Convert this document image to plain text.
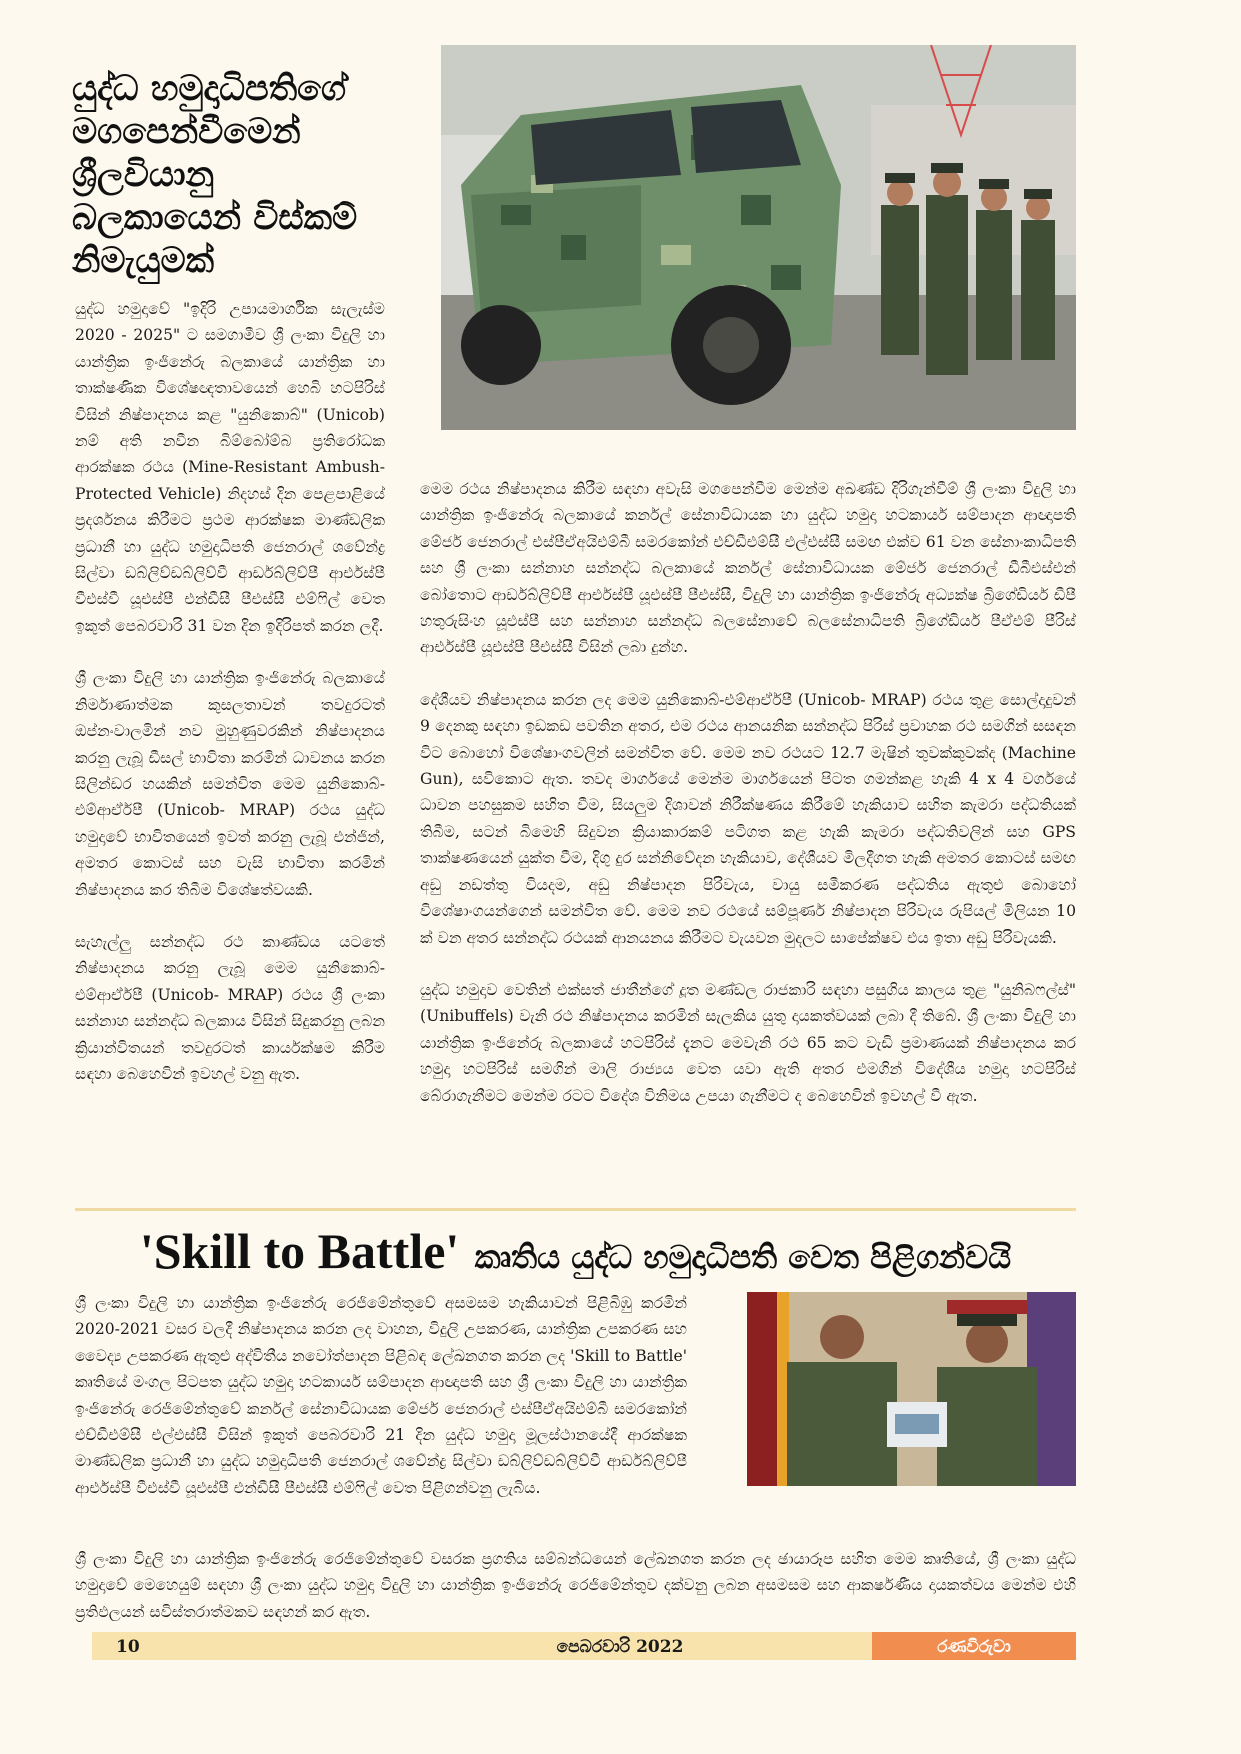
යුද්ධ හමුදාධිපතිගේ මගපෙන්වීමෙන් ශ්‍රීලවියානු බලකායෙන් විස්කම් නිමැයුමක්

යුද්ධ හමුදාවේ "ඉදිරි උපායමාර්ගික සැලැස්ම 2020 - 2025" ට සමගාමීව ශ්‍රී ලංකා විදුලි හා යාන්ත්‍රික ඉංජිනේරු බලකායේ යාන්ත්‍රික හා තාක්ෂණික විශේෂඥතාවයෙන් හෙබි හටපිරිස් විසින් නිෂ්පාදනය කළ "යුනිකොබ්" (Unicob) නම් අති නවීන බිම්බෝම්බ ප්‍රතිරෝධක ආරක්ෂක රථය (Mine-Resistant Ambush-Protected Vehicle) නිදහස් දින පෙළපාළියේ ප්‍රදර්ශනය කිරීමට ප්‍රථම ආරක්ෂක මාණ්ඩලික ප්‍රධානී හා යුද්ධ හමුදාධිපති ජෙනරාල් ශවේන්ද්‍ර සිල්වා ඩබ්ලිව්ඩබ්ලිව්වී ආර්ඩබ්ලිව්පී ආර්එස්පී වීඑස්වී යූඑස්පී එන්ඩීසී පීඑස්සී එම්ෆිල් වෙත ඉකුත් පෙබරවාරි 31 වන දින ඉදිරිපත් කරන ලදී.

ශ්‍රී ලංකා විදුලි හා යාන්ත්‍රික ඉංජිනේරු බලකායේ නිර්මාණාත්මක කුසලතාවන් තවදුරටත් ඔප්නංවාලමින් නව මුහුණුවරකින් නිෂ්පාදනය කරනු ලැබූ ඩීසල් භාවිතා කරමින් ධාවනය කරන සිලින්ඩර හයකින් සමන්විත මෙම යුනිකොබ්-එම්ආර්ඒපී (Unicob- MRAP) රථය යුද්ධ හමුදාවේ භාවිතයෙන් ඉවත් කරනු ලැබූ එන්ජින්, අමතර කොටස් සහ වැසි භාවිතා කරමින් නිෂ්පාදනය කර තිබීම විශේෂත්වයකි.

සැහැල්ලු සන්නද්ධ රථ කාණ්ඩය යටතේ නිෂ්පාදනය කරනු ලැබූ මෙම යුනිකොබ්-එම්ආර්ඒපී (Unicob- MRAP) රථය ශ්‍රී ලංකා සන්නාහ සන්නද්ධ බලකාය විසින් සිදුකරනු ලබන ක්‍රියාන්විතයන් තවදුරටත් කාර්යක්ෂම කිරීම සඳහා බෙහෙවින් ඉවහල් වනු ඇත.

මෙම රථය නිෂ්පාදනය කිරීම සඳහා අවැසි මගපෙන්වීම මෙන්ම අඛණ්ඩ දිරිගැන්වීම් ශ්‍රී ලංකා විදුලි හා යාන්ත්‍රික ඉංජිනේරු බලකායේ කර්නල් සේනාවිධායක හා යුද්ධ හමුදා හටකාර්ය සම්පාදන ආඥාපති මේජර් ජෙනරාල් එස්පීඒඅයිඑම්බී සමරකෝන් එච්ඩීඑම්සී එල්එස්සී සමඟ එක්ව 61 වන සේනාංකාධිපති සහ ශ්‍රී ලංකා සන්නාහ සන්නද්ධ බලකායේ කර්නල් සේනාවිධායක මේජර් ජෙනරාල් ඩීබීඑස්එන් බෝතොට ආර්ඩබ්ලිව්පී ආර්එස්පී යූඑස්පී පීඑස්සී, විදුලි හා යාන්ත්‍රික ඉංජිනේරු අධ්‍යක්ෂ බ්‍රිගේඩියර් ඩීපී හතුරුසිංහ යූඑස්පී සහ සන්නාහ සන්නද්ධ බලසේනාවේ බලසේනාධිපති බ්‍රිගේඩියර් පීඒඑම් පීරිස් ආර්එස්පී යූඑස්පී පීඑස්සී විසින් ලබා දුන්හ.

දේශීයව නිෂ්පාදනය කරන ලද මෙම යුනිකොබ්-එම්ආර්ඒපී (Unicob- MRAP) රථය තුළ සොල්දාදුවන් 9 දෙනකු සඳහා ඉඩකඩ පවතින අතර, එම රථය ආනයනික සන්නද්ධ පිරිස් ප්‍රවාහක රථ සමගින් සසඳන විට බොහෝ විශේෂාංගවලින් සමන්විත වේ. මෙම නව රථයට 12.7 මැෂින් තුවක්කුවක්ද (Machine Gun), සවිකොට ඇත. තවද මාර්ගයේ මෙන්ම මාර්ගයෙන් පිටත ගමන්කළ හැකි 4 x 4 වර්ගයේ ධාවන පහසුකම සහිත වීම, සියලුම දිශාවන් නිරීක්ෂණය කිරීමේ හැකියාව සහිත කැමරා පද්ධතියක් තිබීම, සටන් බිමෙහි සිදුවන ක්‍රියාකාරකම් පටිගත කළ හැකි කැමරා පද්ධතිවලින් සහ GPS තාක්ෂණයෙන් යුක්ත වීම, දිගු දුර සන්නිවේදන හැකියාව, දේශීයව මිලදීගත හැකි අමතර කොටස් සමඟ අඩු නඩත්තු වියදම, අඩු නිෂ්පාදන පිරිවැය, වායු සමීකරණ පද්ධතිය ඇතුළු බොහෝ විශේෂාංගයන්ගෙන් සමන්විත වේ. මෙම නව රථයේ සම්පූර්ණ නිෂ්පාදන පිරිවැය රුපියල් මිලියන 10 ක් වන අතර සන්නද්ධ රථයක් ආනයනය කිරීමට වැයවන මුදලට සාපේක්ෂව එය ඉතා අඩු පිරිවැයකි.

යුද්ධ හමුදාව වෙතින් එක්සත් ජාතීන්ගේ දූත මණ්ඩල රාජකාරි සඳහා පසුගිය කාලය තුළ "යුනිබෆල්ස්" (Unibuffels) වැනි රථ නිෂ්පාදනය කරමින් සැලකිය යුතු දායකත්වයක් ලබා දී තිබේ. ශ්‍රී ලංකා විදුලි හා යාන්ත්‍රික ඉංජිනේරු බලකායේ හටපිරිස් දැනට මෙවැනි රථ 65 කට වැඩි ප්‍රමාණයක් නිෂ්පාදනය කර හමුදා හටපිරිස් සමගින් මාලි රාජ්‍යය වෙත යවා ඇති අතර එමගින් විදේශීය හමුදා හටපිරිස් බේරාගැනීමට මෙන්ම රටට විදේශ විනිමය උපයා ගැනීමට ද බෙහෙවින් ඉවහල් වී ඇත.

'Skill to Battle' කෘතිය යුද්ධ හමුදාධිපති වෙත පිළිගන්වයි

ශ්‍රී ලංකා විදුලි හා යාන්ත්‍රික ඉංජිනේරු රෙජිමේන්තුවේ අසමසම හැකියාවන් පිළිබිඹු කරමින් 2020-2021 වසර වලදී නිෂ්පාදනය කරන ලද වාහන, විදුලි උපකරණ, යාන්ත්‍රික උපකරණ සහ වෛද්‍ය උපකරණ ඇතුළු අද්විතීය නවෝත්පාදන පිළිබඳ ලේඛනගත කරන ලද 'Skill to Battle' කෘතියේ මංගල පිටපත යුද්ධ හමුදා හටකාර්ය සම්පාදන ආඥාපති සහ ශ්‍රී ලංකා විදුලි හා යාන්ත්‍රික ඉංජිනේරු රෙජිමේන්තුවේ කර්නල් සේනාවිධායක මේජර් ජෙනරාල් එස්පීඒඅයිඑම්බී සමරකෝන් එච්ඩීඑම්සී එල්එස්සී විසින් ඉකුත් පෙබරවාරි 21 දින යුද්ධ හමුදා මූලස්ථානයේදී ආරක්ෂක මාණ්ඩලික ප්‍රධානී හා යුද්ධ හමුදාධිපති ජෙනරාල් ශවේන්ද්‍ර සිල්වා ඩබ්ලිව්ඩබ්ලිව්වී ආර්ඩබ්ලිව්පී ආර්එස්පී වීඑස්වී යූඑස්පී එන්ඩීසී පීඑස්සී එම්ෆිල් වෙත පිළිගන්වනු ලැබිය.

ශ්‍රී ලංකා විදුලි හා යාන්ත්‍රික ඉංජිනේරු රෙජිමේන්තුවේ වසරක ප්‍රගතිය සම්බන්ධයෙන් ලේඛනගත කරන ලද ඡායාරූප සහිත මෙම කෘතියේ, ශ්‍රී ලංකා යුද්ධ හමුදාවේ මෙහෙයුම් සඳහා ශ්‍රී ලංකා යුද්ධ හමුදා විදුලි හා යාන්ත්‍රික ඉංජිනේරු රෙජිමේන්තුව දක්වනු ලබන අසමසම සහ ආකර්ෂණීය දායකත්වය මෙන්ම එහි ප්‍රතිඵලයන් සවිස්තරාත්මකව සඳහන් කර ඇත.

10	පෙබරවාරි 2022	රණවිරුවා
